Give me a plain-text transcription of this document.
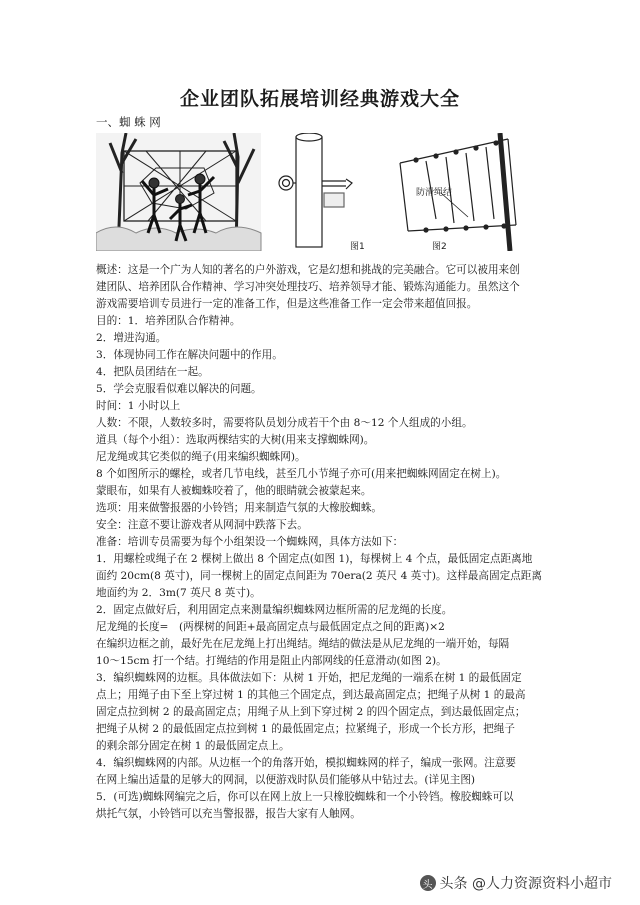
企业团队拓展培训经典游戏大全
一、蜘 蛛 网
图1	图2
防滑绳结

概述：这是一个广为人知的著名的户外游戏，它是幻想和挑战的完美融合。它可以被用来创

建团队、培养团队合作精神、学习冲突处理技巧、培养领导才能、锻炼沟通能力。虽然这个

游戏需要培训专员进行一定的准备工作，但是这些准备工作一定会带来超值回报。

目的：1．培养团队合作精神。

2．增进沟通。

3．体现协同工作在解决问题中的作用。

4．把队员团结在一起。

5．学会克服看似难以解决的问题。

时间：1 小时以上

人数：不限，人数较多时，需要将队员划分成若干个由 8～12 个人组成的小组。

道具（每个小组）：选取两棵结实的大树(用来支撑蜘蛛网)。

尼龙绳或其它类似的绳子(用来编织蜘蛛网)。

8 个如图所示的螺栓，或者几节电线，甚至几小节绳子亦可(用来把蜘蛛网固定在树上)。

蒙眼布，如果有人被蜘蛛咬着了，他的眼睛就会被蒙起来。

选项：用来做警报器的小铃铛；用来制造气氛的大橡胶蜘蛛。

安全：注意不要让游戏者从网洞中跌落下去。

准备：培训专员需要为每个小组架设一个蜘蛛网，具体方法如下：

1．用螺栓或绳子在 2 棵树上做出 8 个固定点(如图 1)，每棵树上 4 个点，最低固定点距离地

面约 20cm(8 英寸)，同一棵树上的固定点间距为 70era(2 英尺 4 英寸)。这样最高固定点距离

地面约为 2．3m(7 英尺 8 英寸)。

2．固定点做好后，利用固定点来测量编织蜘蛛网边框所需的尼龙绳的长度。

尼龙绳的长度=　(两棵树的间距+最高固定点与最低固定点之间的距离)×2

在编织边框之前，最好先在尼龙绳上打出绳结。绳结的做法是从尼龙绳的一端开始，每隔

10～15cm 打一个结。打绳结的作用是阻止内部网线的任意滑动(如图 2)。

3．编织蜘蛛网的边框。具体做法如下：从树 1 开始，把尼龙绳的一端系在树 1 的最低固定

点上；用绳子由下至上穿过树 1 的其他三个固定点，到达最高固定点；把绳子从树 1 的最高

固定点拉到树 2 的最高固定点；用绳子从上到下穿过树 2 的四个固定点，到达最低固定点；

把绳子从树 2 的最低固定点拉到树 1 的最低固定点；拉紧绳子，形成一个长方形，把绳子

的剩余部分固定在树 1 的最低固定点上。

4．编织蜘蛛网的内部。从边框一个的角落开始，模拟蜘蛛网的样子，编成一张网。注意要

在网上编出适量的足够大的网洞，以便游戏时队员们能够从中钻过去。(详见主图)

5．(可选)蜘蛛网编完之后，你可以在网上放上一只橡胶蜘蛛和一个小铃铛。橡胶蜘蛛可以

烘托气氛，小铃铛可以充当警报器，报告大家有人触网。

头 头条 @人力资源资料小超市
